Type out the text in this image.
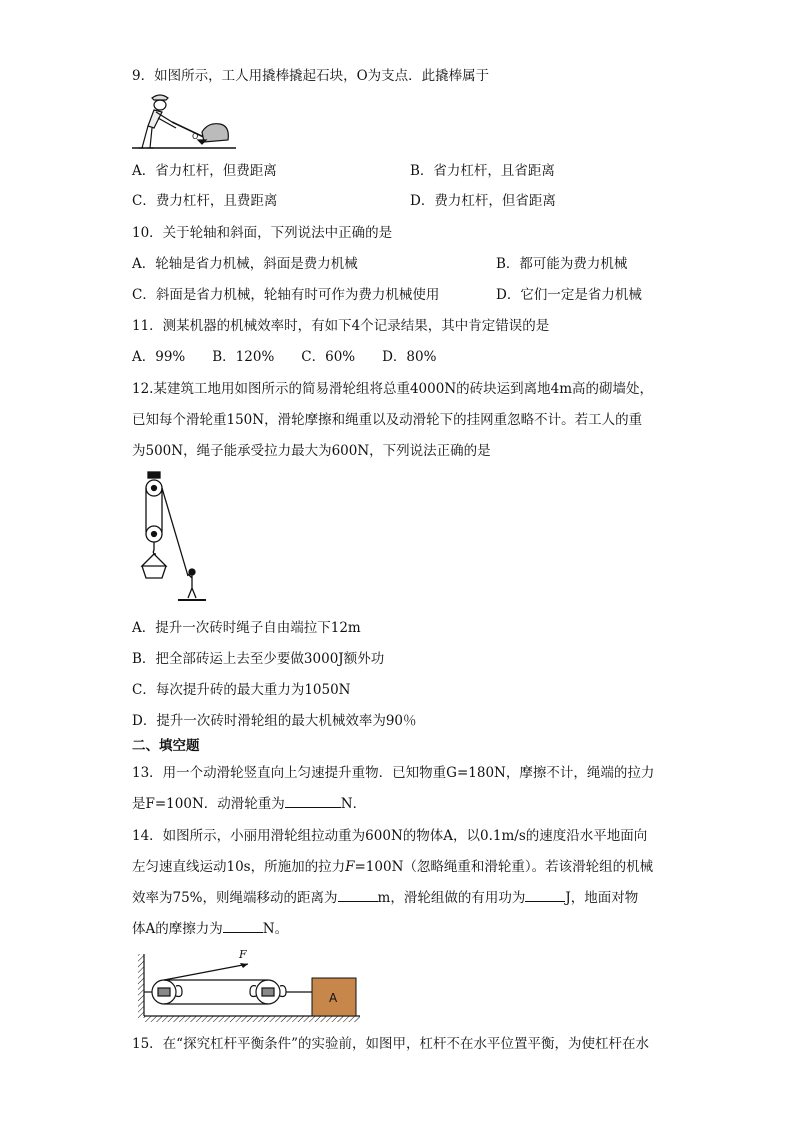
9．如图所示，工人用撬棒撬起石块，O为支点．此撬棒属于
O
A．省力杠杆，但费距离	B．省力杠杆，且省距离
C．费力杠杆，且费距离	D．费力杠杆，但省距离
10．关于轮轴和斜面，下列说法中正确的是
A．轮轴是省力机械，斜面是费力机械	B．都可能为费力机械
C．斜面是省力机械，轮轴有时可作为费力机械使用	D．它们一定是省力机械
11．测某机器的机械效率时，有如下4个记录结果，其中肯定错误的是
A．99%　　B．120%　　C．60%　　D．80%
12.某建筑工地用如图所示的简易滑轮组将总重4000N的砖块运到离地4m高的砌墙处，
已知每个滑轮重150N，滑轮摩擦和绳重以及动滑轮下的挂网重忽略不计。若工人的重
为500N，绳子能承受拉力最大为600N，下列说法正确的是
A．提升一次砖时绳子自由端拉下12m
B．把全部砖运上去至少要做3000J额外功
C．每次提升砖的最大重力为1050N
D．提升一次砖时滑轮组的最大机械效率为90％
二、填空题
13．用一个动滑轮竖直向上匀速提升重物．已知物重G=180N，摩擦不计，绳端的拉力
是F=100N．动滑轮重为	N．
14．如图所示，小丽用滑轮组拉动重为600N的物体A，以0.1m/s的速度沿水平地面向
左匀速直线运动10s，所施加的拉力F=100N（忽略绳重和滑轮重）。若该滑轮组的机械
效率为75%，则绳端移动的距离为	m，滑轮组做的有用功为	J，地面对物
体A的摩擦力为	N。
F
A
15．在“探究杠杆平衡条件”的实验前，如图甲，杠杆不在水平位置平衡，为使杠杆在水
